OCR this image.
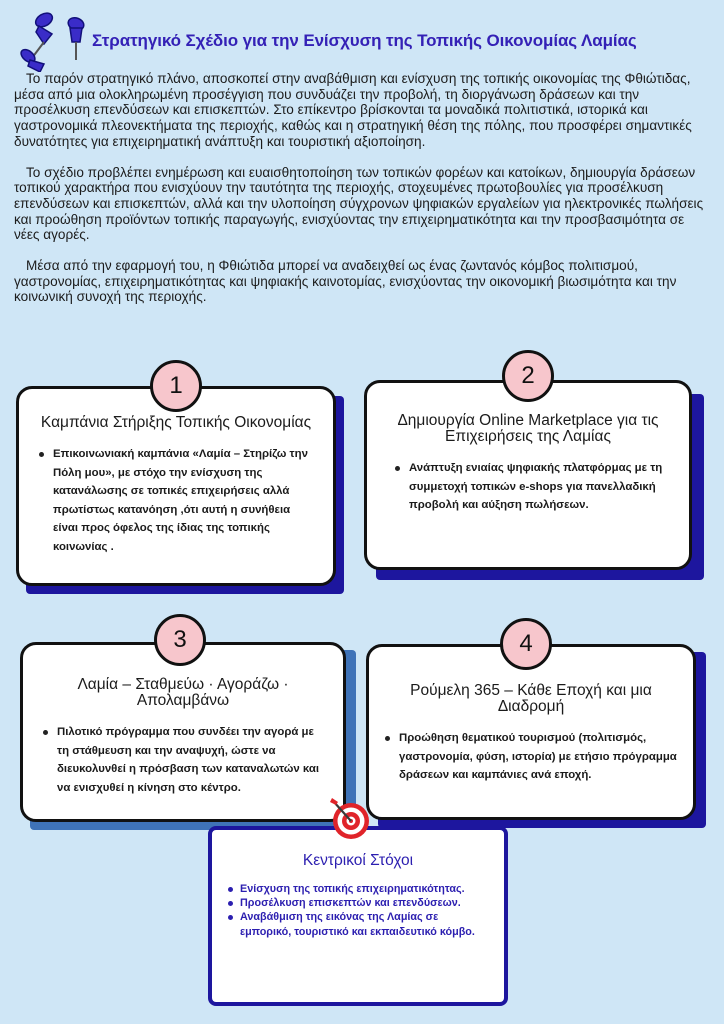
Στρατηγικό Σχέδιο για την Ενίσχυση της Τοπικής Οικονομίας Λαμίας

Το παρόν στρατηγικό πλάνο, αποσκοπεί στην αναβάθμιση και ενίσχυση της τοπικής οικονομίας της Φθιώτιδας, μέσα από μια ολοκληρωμένη προσέγγιση που συνδυάζει την προβολή, τη διοργάνωση δράσεων και την προσέλκυση επενδύσεων και επισκεπτών. Στο επίκεντρο βρίσκονται τα μοναδικά πολιτιστικά, ιστορικά και γαστρονομικά πλεονεκτήματα της περιοχής, καθώς και η στρατηγική θέση της πόλης, που προσφέρει σημαντικές δυνατότητες για επιχειρηματική ανάπτυξη και τουριστική αξιοποίηση.

Το σχέδιο προβλέπει ενημέρωση και ευαισθητοποίηση των τοπικών φορέων και κατοίκων, δημιουργία δράσεων τοπικού χαρακτήρα που ενισχύουν την ταυτότητα της περιοχής, στοχευμένες πρωτοβουλίες για προσέλκυση επενδύσεων και επισκεπτών, αλλά και την υλοποίηση σύγχρονων ψηφιακών εργαλείων για ηλεκτρονικές πωλήσεις και προώθηση προϊόντων τοπικής παραγωγής, ενισχύοντας την επιχειρηματικότητα και την προσβασιμότητα σε νέες αγορές.

Μέσα από την εφαρμογή του, η Φθιώτιδα μπορεί να αναδειχθεί ως ένας ζωντανός κόμβος πολιτισμού, γαστρονομίας, επιχειρηματικότητας και ψηφιακής καινοτομίας, ενισχύοντας την οικονομική βιωσιμότητα και την κοινωνική συνοχή της περιοχής.

Καμπάνια Στήριξης Τοπικής Οικονομίας
Επικοινωνιακή καμπάνια «Λαμία – Στηρίζω την Πόλη μου», με στόχο την ενίσχυση της κατανάλωσης σε τοπικές επιχειρήσεις αλλά πρωτίστως κατανόηση ,ότι αυτή η συνήθεια είναι προς όφελος της ίδιας της τοπικής κοινωνίας .
1
Δημιουργία Online Marketplace για τις Επιχειρήσεις της Λαμίας
Ανάπτυξη ενιαίας ψηφιακής πλατφόρμας με τη συμμετοχή τοπικών e-shops για πανελλαδική προβολή και αύξηση πωλήσεων.
2
Λαμία – Σταθμεύω · Αγοράζω · Απολαμβάνω
Πιλοτικό πρόγραμμα που συνδέει την αγορά με τη στάθμευση και την αναψυχή, ώστε να διευκολυνθεί η πρόσβαση των καταναλωτών και να ενισχυθεί η κίνηση στο κέντρο.
3
Ρούμελη 365 – Κάθε Εποχή και μια Διαδρομή
Προώθηση θεματικού τουρισμού (πολιτισμός, γαστρονομία, φύση, ιστορία) με ετήσιο πρόγραμμα δράσεων και καμπάνιες ανά εποχή.
4
Κεντρικοί Στόχοι
Ενίσχυση της τοπικής επιχειρηματικότητας.
Προσέλκυση επισκεπτών και επενδύσεων.
Αναβάθμιση της εικόνας της Λαμίας σε εμπορικό, τουριστικό και εκπαιδευτικό κόμβο.
